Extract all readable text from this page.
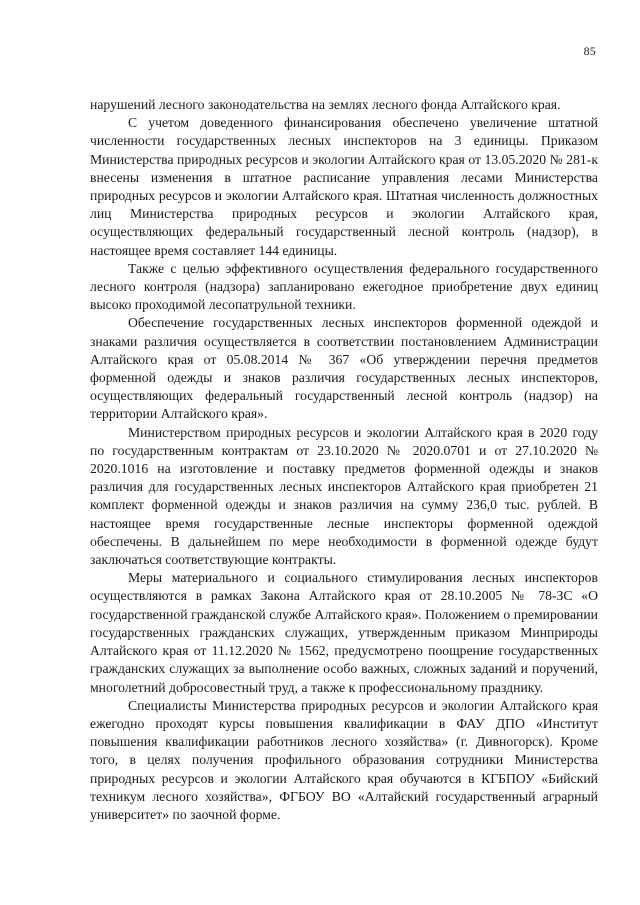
85

нарушений лесного законодательства на землях лесного фонда Алтайского края.

С учетом доведенного финансирования обеспечено увеличение штатной численности государственных лесных инспекторов на 3 единицы. Приказом Министерства природных ресурсов и экологии Алтайского края от 13.05.2020 № 281-к внесены изменения в штатное расписание управления лесами Министерства природных ресурсов и экологии Алтайского края. Штатная численность должностных лиц Министерства природных ресурсов и экологии Алтайского края, осуществляющих федеральный государственный лесной контроль (надзор), в настоящее время составляет 144 единицы.

Также с целью эффективного осуществления федерального государственного лесного контроля (надзора) запланировано ежегодное приобретение двух единиц высоко проходимой лесопатрульной техники.

Обеспечение государственных лесных инспекторов форменной одеждой и знаками различия осуществляется в соответствии постановлением Администрации Алтайского края от 05.08.2014 № 367 «Об утверждении перечня предметов форменной одежды и знаков различия государственных лесных инспекторов, осуществляющих федеральный государственный лесной контроль (надзор) на территории Алтайского края».

Министерством природных ресурсов и экологии Алтайского края в 2020 году по государственным контрактам от 23.10.2020 № 2020.0701 и от 27.10.2020 № 2020.1016 на изготовление и поставку предметов форменной одежды и знаков различия для государственных лесных инспекторов Алтайского края приобретен 21 комплект форменной одежды и знаков различия на сумму 236,0 тыс. рублей. В настоящее время государственные лесные инспекторы форменной одеждой обеспечены. В дальнейшем по мере необходимости в форменной одежде будут заключаться соответствующие контракты.

Меры материального и социального стимулирования лесных инспекторов осуществляются в рамках Закона Алтайского края от 28.10.2005 № 78-ЗС «О государственной гражданской службе Алтайского края». Положением о премировании государственных гражданских служащих, утвержденным приказом Минприроды Алтайского края от 11.12.2020 № 1562, предусмотрено поощрение государственных гражданских служащих за выполнение особо важных, сложных заданий и поручений, многолетний добросовестный труд, а также к профессиональному празднику.

Специалисты Министерства природных ресурсов и экологии Алтайского края ежегодно проходят курсы повышения квалификации в ФАУ ДПО «Институт повышения квалификации работников лесного хозяйства» (г. Дивногорск). Кроме того, в целях получения профильного образования сотрудники Министерства природных ресурсов и экологии Алтайского края обучаются в КГБПОУ «Бийский техникум лесного хозяйства», ФГБОУ ВО «Алтайский государственный аграрный университет» по заочной форме.
